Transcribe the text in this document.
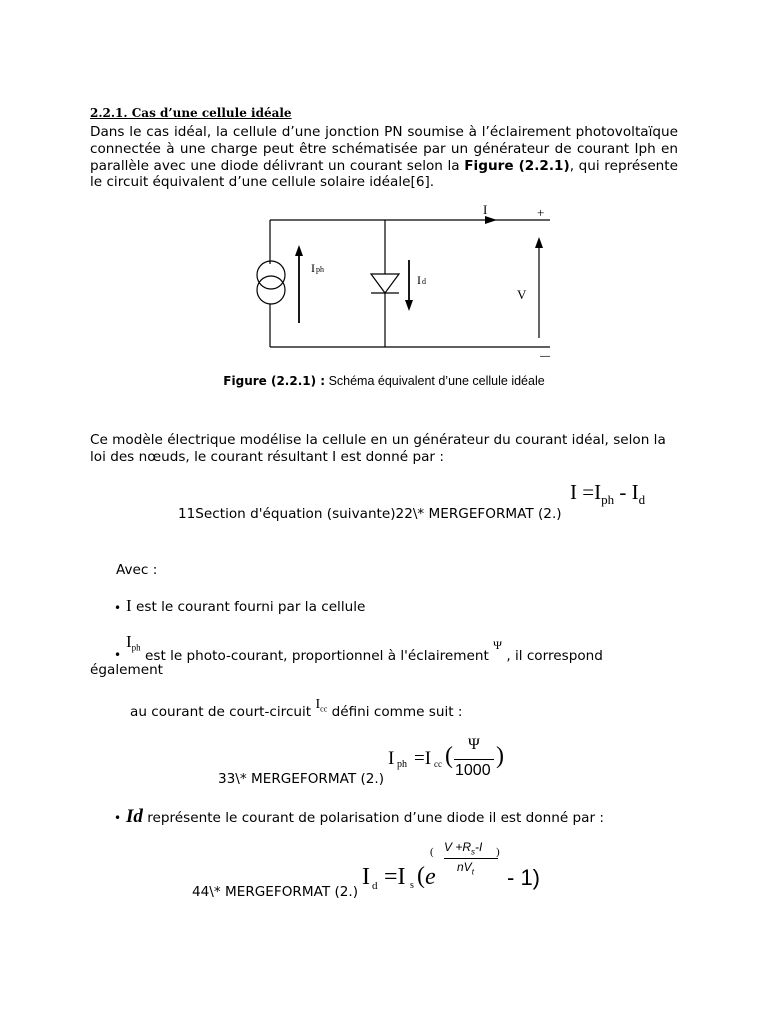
2.2.1. Cas d’une cellule idéale
Dans le cas idéal, la cellule d’une jonction PN soumise à l’éclairement photovoltaïque connectée à une charge peut être schématisée par un générateur de courant Iph en parallèle avec une diode délivrant un courant selon la Figure (2.2.1), qui représente le circuit équivalent d’une cellule solaire idéale[6].
Iph
Id
I	+
V
—
Figure (2.2.1) : Schéma équivalent d’une cellule idéale
Ce modèle électrique modélise la cellule en un générateur du courant idéal, selon la loi des nœuds, le courant résultant I est donné par :
11Section d'équation (suivante)22\* MERGEFORMAT (2.)
$I =I_{ph} - I_d$
Avec :
• I est le courant fourni par la cellule
•
$I_{ph}$ est le photo-courant, proportionnel à l'éclairement Ψ , il correspond
également
au courant de court-circuit $I_{cc}$ défini comme suit :
33\* MERGEFORMAT (2.)
I ph =I cc ( Ψ
1000
)
• Id représente le courant de polarisation d’une diode il est donné par :
44\* MERGEFORMAT (2.)
I d =I s ( e
( $V +R_s-I$
$nV_t$
)
- 1)
